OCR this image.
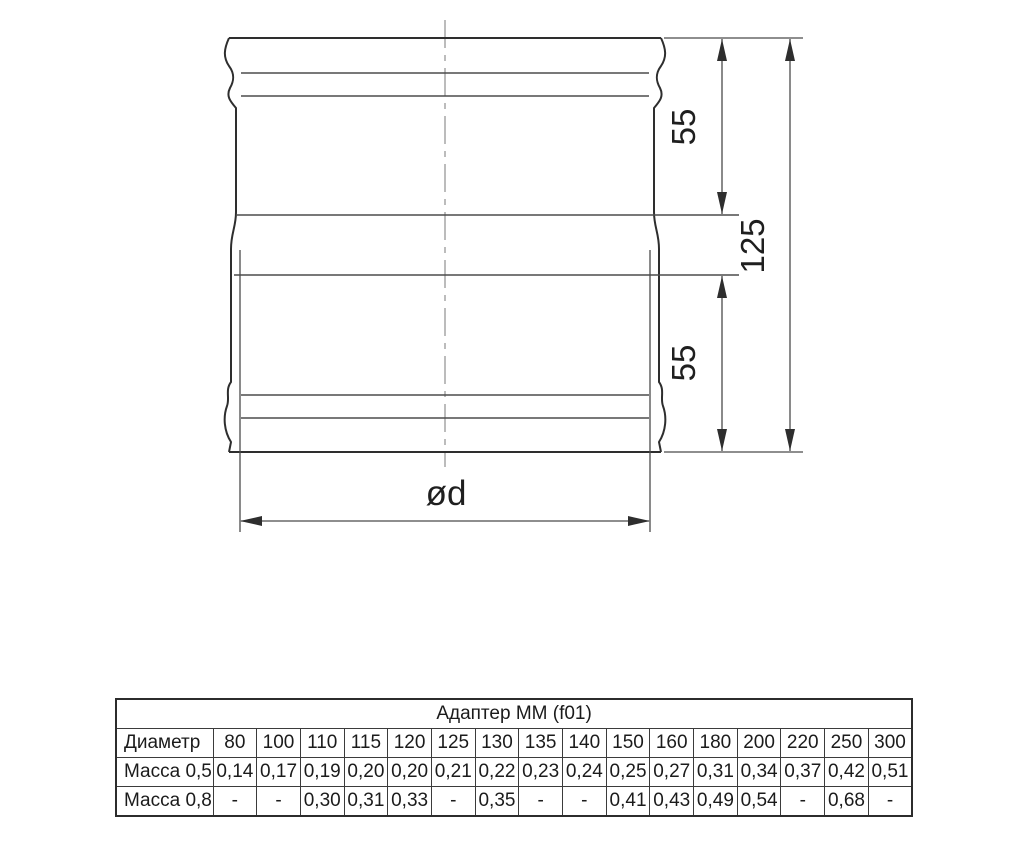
55
55
125
ød
Адаптер ММ (f01)																
Диаметр	80	100	110	115	120	125	130	135	140	150	160	180	200	220	250	300
Масса 0,5	0,14	0,17	0,19	0,20	0,20	0,21	0,22	0,23	0,24	0,25	0,27	0,31	0,34	0,37	0,42	0,51
Масса 0,8	-	-	0,30	0,31	0,33	-	0,35	-	-	0,41	0,43	0,49	0,54	-	0,68	-
